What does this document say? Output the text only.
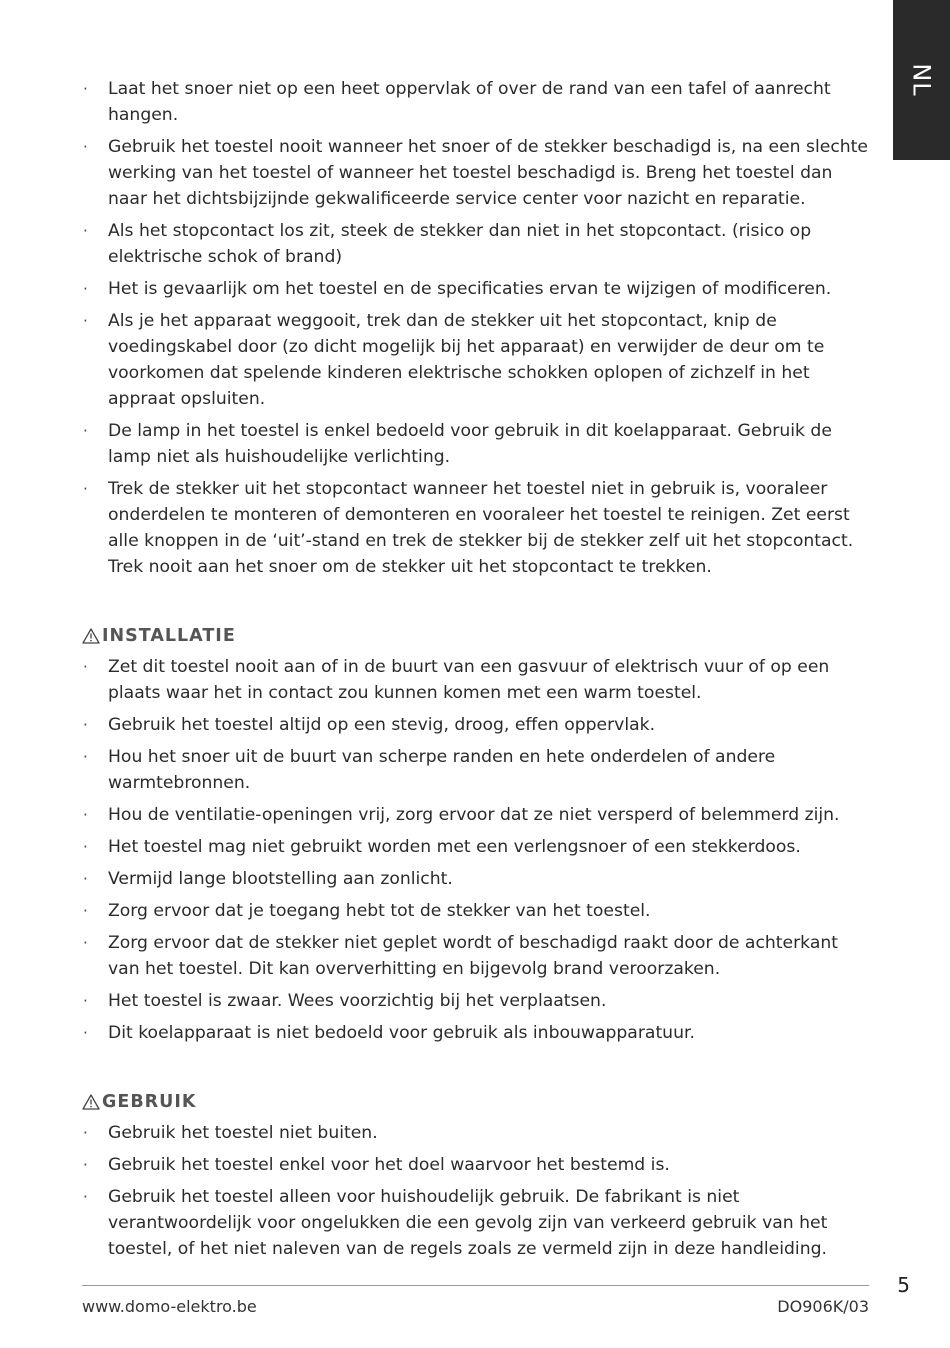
NL
· Laat het snoer niet op een heet oppervlak of over de rand van een tafel of aanrecht hangen.
· Gebruik het toestel nooit wanneer het snoer of de stekker beschadigd is, na een slechte werking van het toestel of wanneer het toestel beschadigd is. Breng het toestel dan naar het dichtsbijzijnde gekwalificeerde service center voor nazicht en reparatie.
· Als het stopcontact los zit, steek de stekker dan niet in het stopcontact. (risico op elektrische schok of brand)
· Het is gevaarlijk om het toestel en de specificaties ervan te wijzigen of modificeren.
· Als je het apparaat weggooit, trek dan de stekker uit het stopcontact, knip de voedingskabel door (zo dicht mogelijk bij het apparaat) en verwijder de deur om te voorkomen dat spelende kinderen elektrische schokken oplopen of zichzelf in het appraat opsluiten.
· De lamp in het toestel is enkel bedoeld voor gebruik in dit koelapparaat. Gebruik de lamp niet als huishoudelijke verlichting.
· Trek de stekker uit het stopcontact wanneer het toestel niet in gebruik is, vooraleer onderdelen te monteren of demonteren en vooraleer het toestel te reinigen. Zet eerst alle knoppen in de ‘uit’-stand en trek de stekker bij de stekker zelf uit het stopcontact. Trek nooit aan het snoer om de stekker uit het stopcontact te trekken.
INSTALLATIE
· Zet dit toestel nooit aan of in de buurt van een gasvuur of elektrisch vuur of op een plaats waar het in contact zou kunnen komen met een warm toestel.
· Gebruik het toestel altijd op een stevig, droog, effen oppervlak.
· Hou het snoer uit de buurt van scherpe randen en hete onderdelen of andere warmtebronnen.
· Hou de ventilatie-openingen vrij, zorg ervoor dat ze niet versperd of belemmerd zijn.
· Het toestel mag niet gebruikt worden met een verlengsnoer of een stekkerdoos.
· Vermijd lange blootstelling aan zonlicht.
· Zorg ervoor dat je toegang hebt tot de stekker van het toestel.
· Zorg ervoor dat de stekker niet geplet wordt of beschadigd raakt door de achterkant van het toestel. Dit kan oververhitting en bijgevolg brand veroorzaken.
· Het toestel is zwaar. Wees voorzichtig bij het verplaatsen.
· Dit koelapparaat is niet bedoeld voor gebruik als inbouwapparatuur.
GEBRUIK
· Gebruik het toestel niet buiten.
· Gebruik het toestel enkel voor het doel waarvoor het bestemd is.
· Gebruik het toestel alleen voor huishoudelijk gebruik. De fabrikant is niet verantwoordelijk voor ongelukken die een gevolg zijn van verkeerd gebruik van het toestel, of het niet naleven van de regels zoals ze vermeld zijn in deze handleiding.
5
www.domo-elektro.be	DO906K/03
